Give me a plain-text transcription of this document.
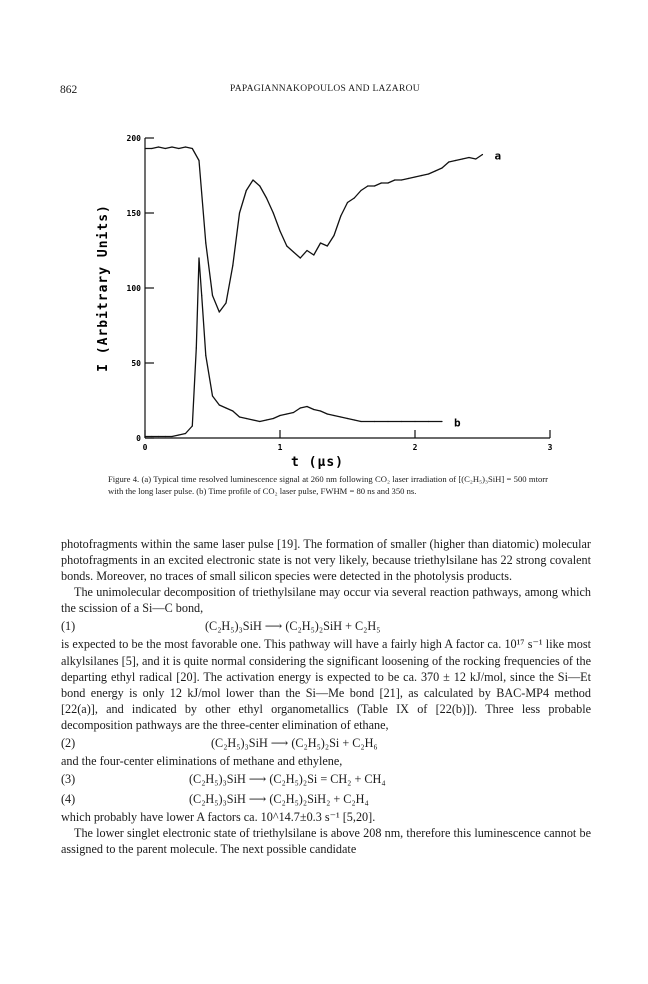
862	PAPAGIANNAKOPOULOS AND LAZAROU
0
50
100
150
200
0	1	2	3
t (µs)
I (Arbitrary Units)
a
b
Figure 4. (a) Typical time resolved luminescence signal at 260 nm following CO₂ laser irradiation of [(C₂H₅)₃SiH] = 500 mtorr with the long laser pulse. (b) Time profile of CO₂ laser pulse, FWHM = 80 ns and 350 ns.

photofragments within the same laser pulse [19]. The formation of smaller (higher than diatomic) molecular photofragments in an excited electronic state is not very likely, because triethylsilane has 22 strong covalent bonds. Moreover, no traces of small silicon species were detected in the photolysis products.

The unimolecular decomposition of triethylsilane may occur via several reaction pathways, among which the scission of a Si—C bond,

(1)	(C₂H₅)₃SiH ⟶ (C₂H₅)₂SiH + C₂H₅

is expected to be the most favorable one. This pathway will have a fairly high A factor ca. 10¹⁷ s⁻¹ like most alkylsilanes [5], and it is quite normal considering the significant loosening of the rocking frequencies of the departing ethyl radical [20]. The activation energy is expected to be ca. 370 ± 12 kJ/mol, since the Si—Et bond energy is only 12 kJ/mol lower than the Si—Me bond [21], as calculated by BAC-MP4 method [22(a)], and indicated by other ethyl organometallics (Table IX of [22(b)]). Three less probable decomposition pathways are the three-center elimination of ethane,

(2)	(C₂H₅)₃SiH ⟶ (C₂H₅)₂Si + C₂H₆

and the four-center eliminations of methane and ethylene,

(3)	(C₂H₅)₃SiH ⟶ (C₂H₅)₂Si = CH₂ + CH₄
(4)	(C₂H₅)₃SiH ⟶ (C₂H₅)₂SiH₂ + C₂H₄

which probably have lower A factors ca. 10^14.7±0.3 s⁻¹ [5,20].

The lower singlet electronic state of triethylsilane is above 208 nm, therefore this luminescence cannot be assigned to the parent molecule. The next possible candidate
